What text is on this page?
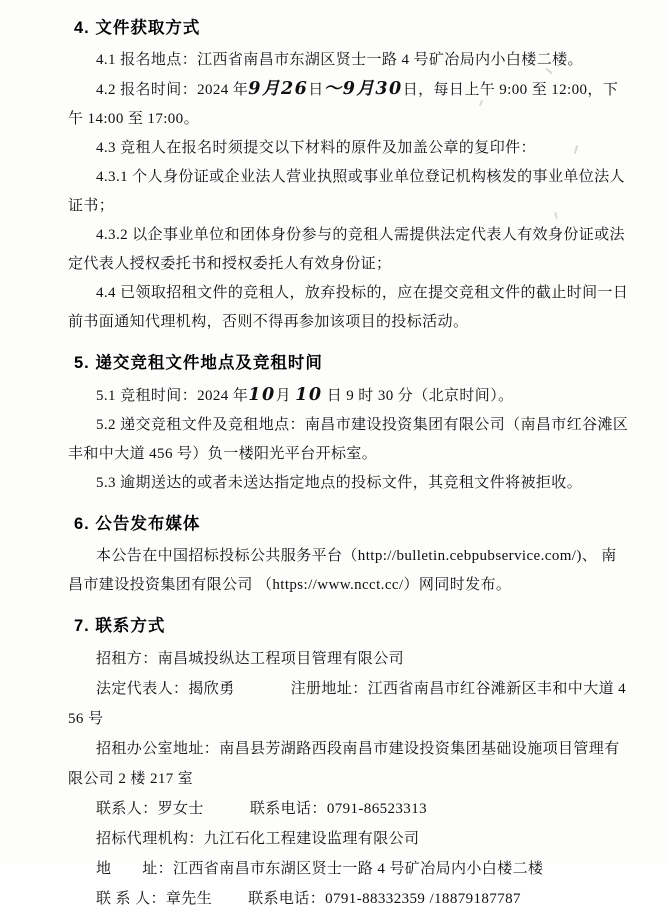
4. 文件获取方式

4.1 报名地点：江西省南昌市东湖区贤士一路 4 号矿冶局内小白楼二楼。

4.2 报名时间：2024 年9月26日～9月30日，每日上午 9:00 至 12:00，下午 14:00 至 17:00。

4.3 竞租人在报名时须提交以下材料的原件及加盖公章的复印件：

4.3.1 个人身份证或企业法人营业执照或事业单位登记机构核发的事业单位法人证书；

4.3.2 以企事业单位和团体身份参与的竞租人需提供法定代表人有效身份证或法定代表人授权委托书和授权委托人有效身份证；

4.4 已领取招租文件的竞租人，放弃投标的，应在提交竞租文件的截止时间一日前书面通知代理机构，否则不得再参加该项目的投标活动。

5. 递交竞租文件地点及竞租时间

5.1 竞租时间：2024 年10月 10 日 9 时 30 分（北京时间）。

5.2 递交竞租文件及竞租地点：南昌市建设投资集团有限公司（南昌市红谷滩区丰和中大道 456 号）负一楼阳光平台开标室。

5.3 逾期送达的或者未送达指定地点的投标文件，其竞租文件将被拒收。

6. 公告发布媒体

本公告在中国招标投标公共服务平台（http://bulletin.cebpubservice.com/)、 南昌市建设投资集团有限公司 （https://www.ncct.cc/）网同时发布。

7. 联系方式

招租方：南昌城投纵达工程项目管理有限公司

法定代表人：揭欣勇	注册地址：江西省南昌市红谷滩新区丰和中大道 456 号

招租办公室地址：南昌县芳湖路西段南昌市建设投资集团基础设施项目管理有限公司 2 楼 217 室

联系人：罗女士	联系电话：0791-86523313

招标代理机构：九江石化工程建设监理有限公司

地　　址：江西省南昌市东湖区贤士一路 4 号矿冶局内小白楼二楼

联 系 人：章先生 联系电话：0791-88332359 /18879187787
